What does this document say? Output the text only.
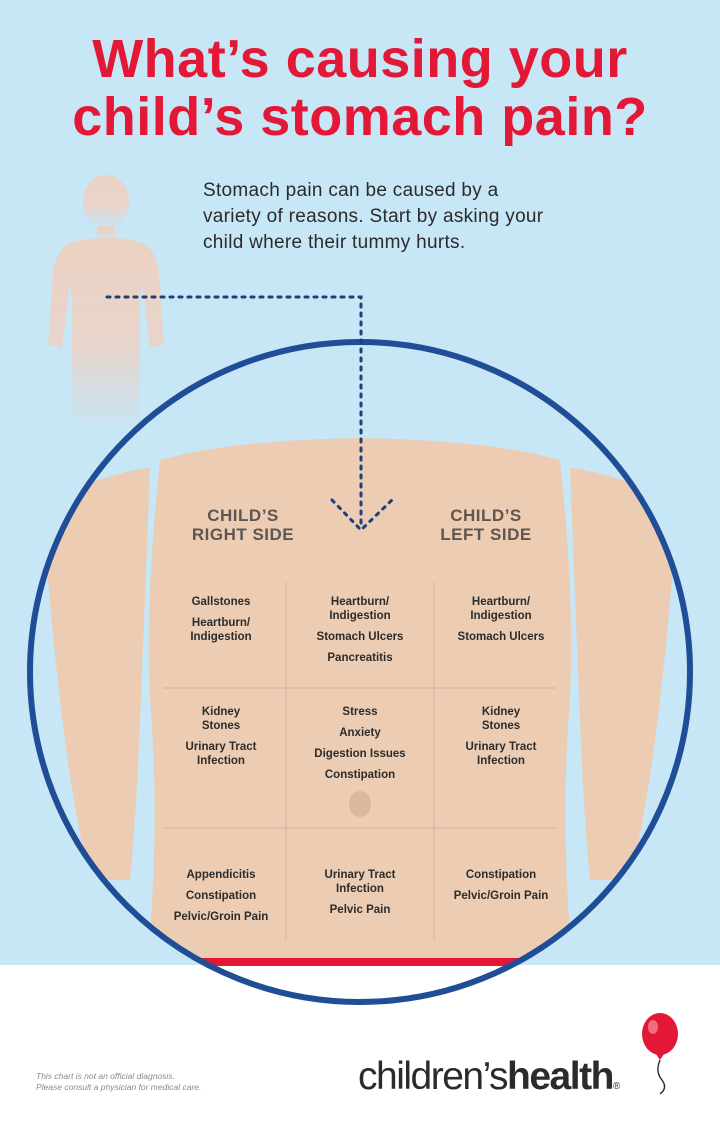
What’s causing your
child’s stomach pain?
Stomach pain can be caused by a
variety of reasons. Start by asking your
child where their tummy hurts.
CHILD’S
RIGHT SIDE
CHILD’S
LEFT SIDE
Gallstones
Heartburn/
Indigestion
Heartburn/
Indigestion
Stomach Ulcers
Pancreatitis
Heartburn/
Indigestion
Stomach Ulcers
Kidney
Stones
Urinary Tract
Infection
Stress
Anxiety
Digestion Issues
Constipation
Kidney
Stones
Urinary Tract
Infection
Appendicitis
Constipation
Pelvic/Groin Pain
Urinary Tract
Infection
Pelvic Pain
Constipation
Pelvic/Groin Pain
This chart is not an official diagnosis.
Please consult a physician for medical care.	children’shealth®
